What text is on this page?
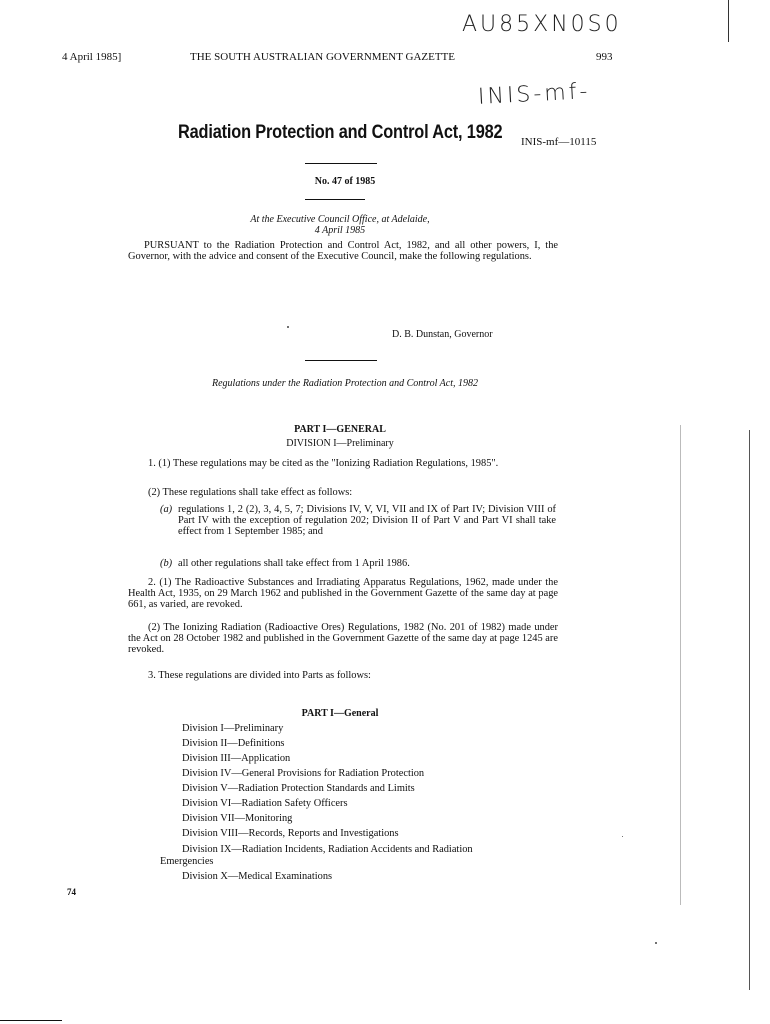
AU85XN0S0
INIS-mf-
4 April 1985]	THE SOUTH AUSTRALIAN GOVERNMENT GAZETTE	993
Radiation Protection and Control Act, 1982 INIS-mf—10115
No. 47 of 1985
At the Executive Council Office, at Adelaide,
4 April 1985
PURSUANT to the Radiation Protection and Control Act, 1982, and all other powers, I, the Governor, with the advice and consent of the Executive Council, make the following regulations.
D. B. Dunstan, Governor
Regulations under the Radiation Protection and Control Act, 1982
PART I—GENERAL
DIVISION I—Preliminary
1. (1) These regulations may be cited as the "Ionizing Radiation Regulations, 1985".
(2) These regulations shall take effect as follows:
(a) regulations 1, 2 (2), 3, 4, 5, 7; Divisions IV, V, VI, VII and IX of Part IV; Division VIII of Part IV with the exception of regulation 202; Division II of Part V and Part VI shall take effect from 1 September 1985; and
(b) all other regulations shall take effect from 1 April 1986.
2. (1) The Radioactive Substances and Irradiating Apparatus Regulations, 1962, made under the Health Act, 1935, on 29 March 1962 and published in the Government Gazette of the same day at page 661, as varied, are revoked.
(2) The Ionizing Radiation (Radioactive Ores) Regulations, 1982 (No. 201 of 1982) made under the Act on 28 October 1982 and published in the Government Gazette of the same day at page 1245 are revoked.
3. These regulations are divided into Parts as follows:
PART I—General
Division I—Preliminary
Division II—Definitions
Division III—Application
Division IV—General Provisions for Radiation Protection
Division V—Radiation Protection Standards and Limits
Division VI—Radiation Safety Officers
Division VII—Monitoring
Division VIII—Records, Reports and Investigations
Division IX—Radiation Incidents, Radiation Accidents and Radiation
Emergencies
Division X—Medical Examinations
74
